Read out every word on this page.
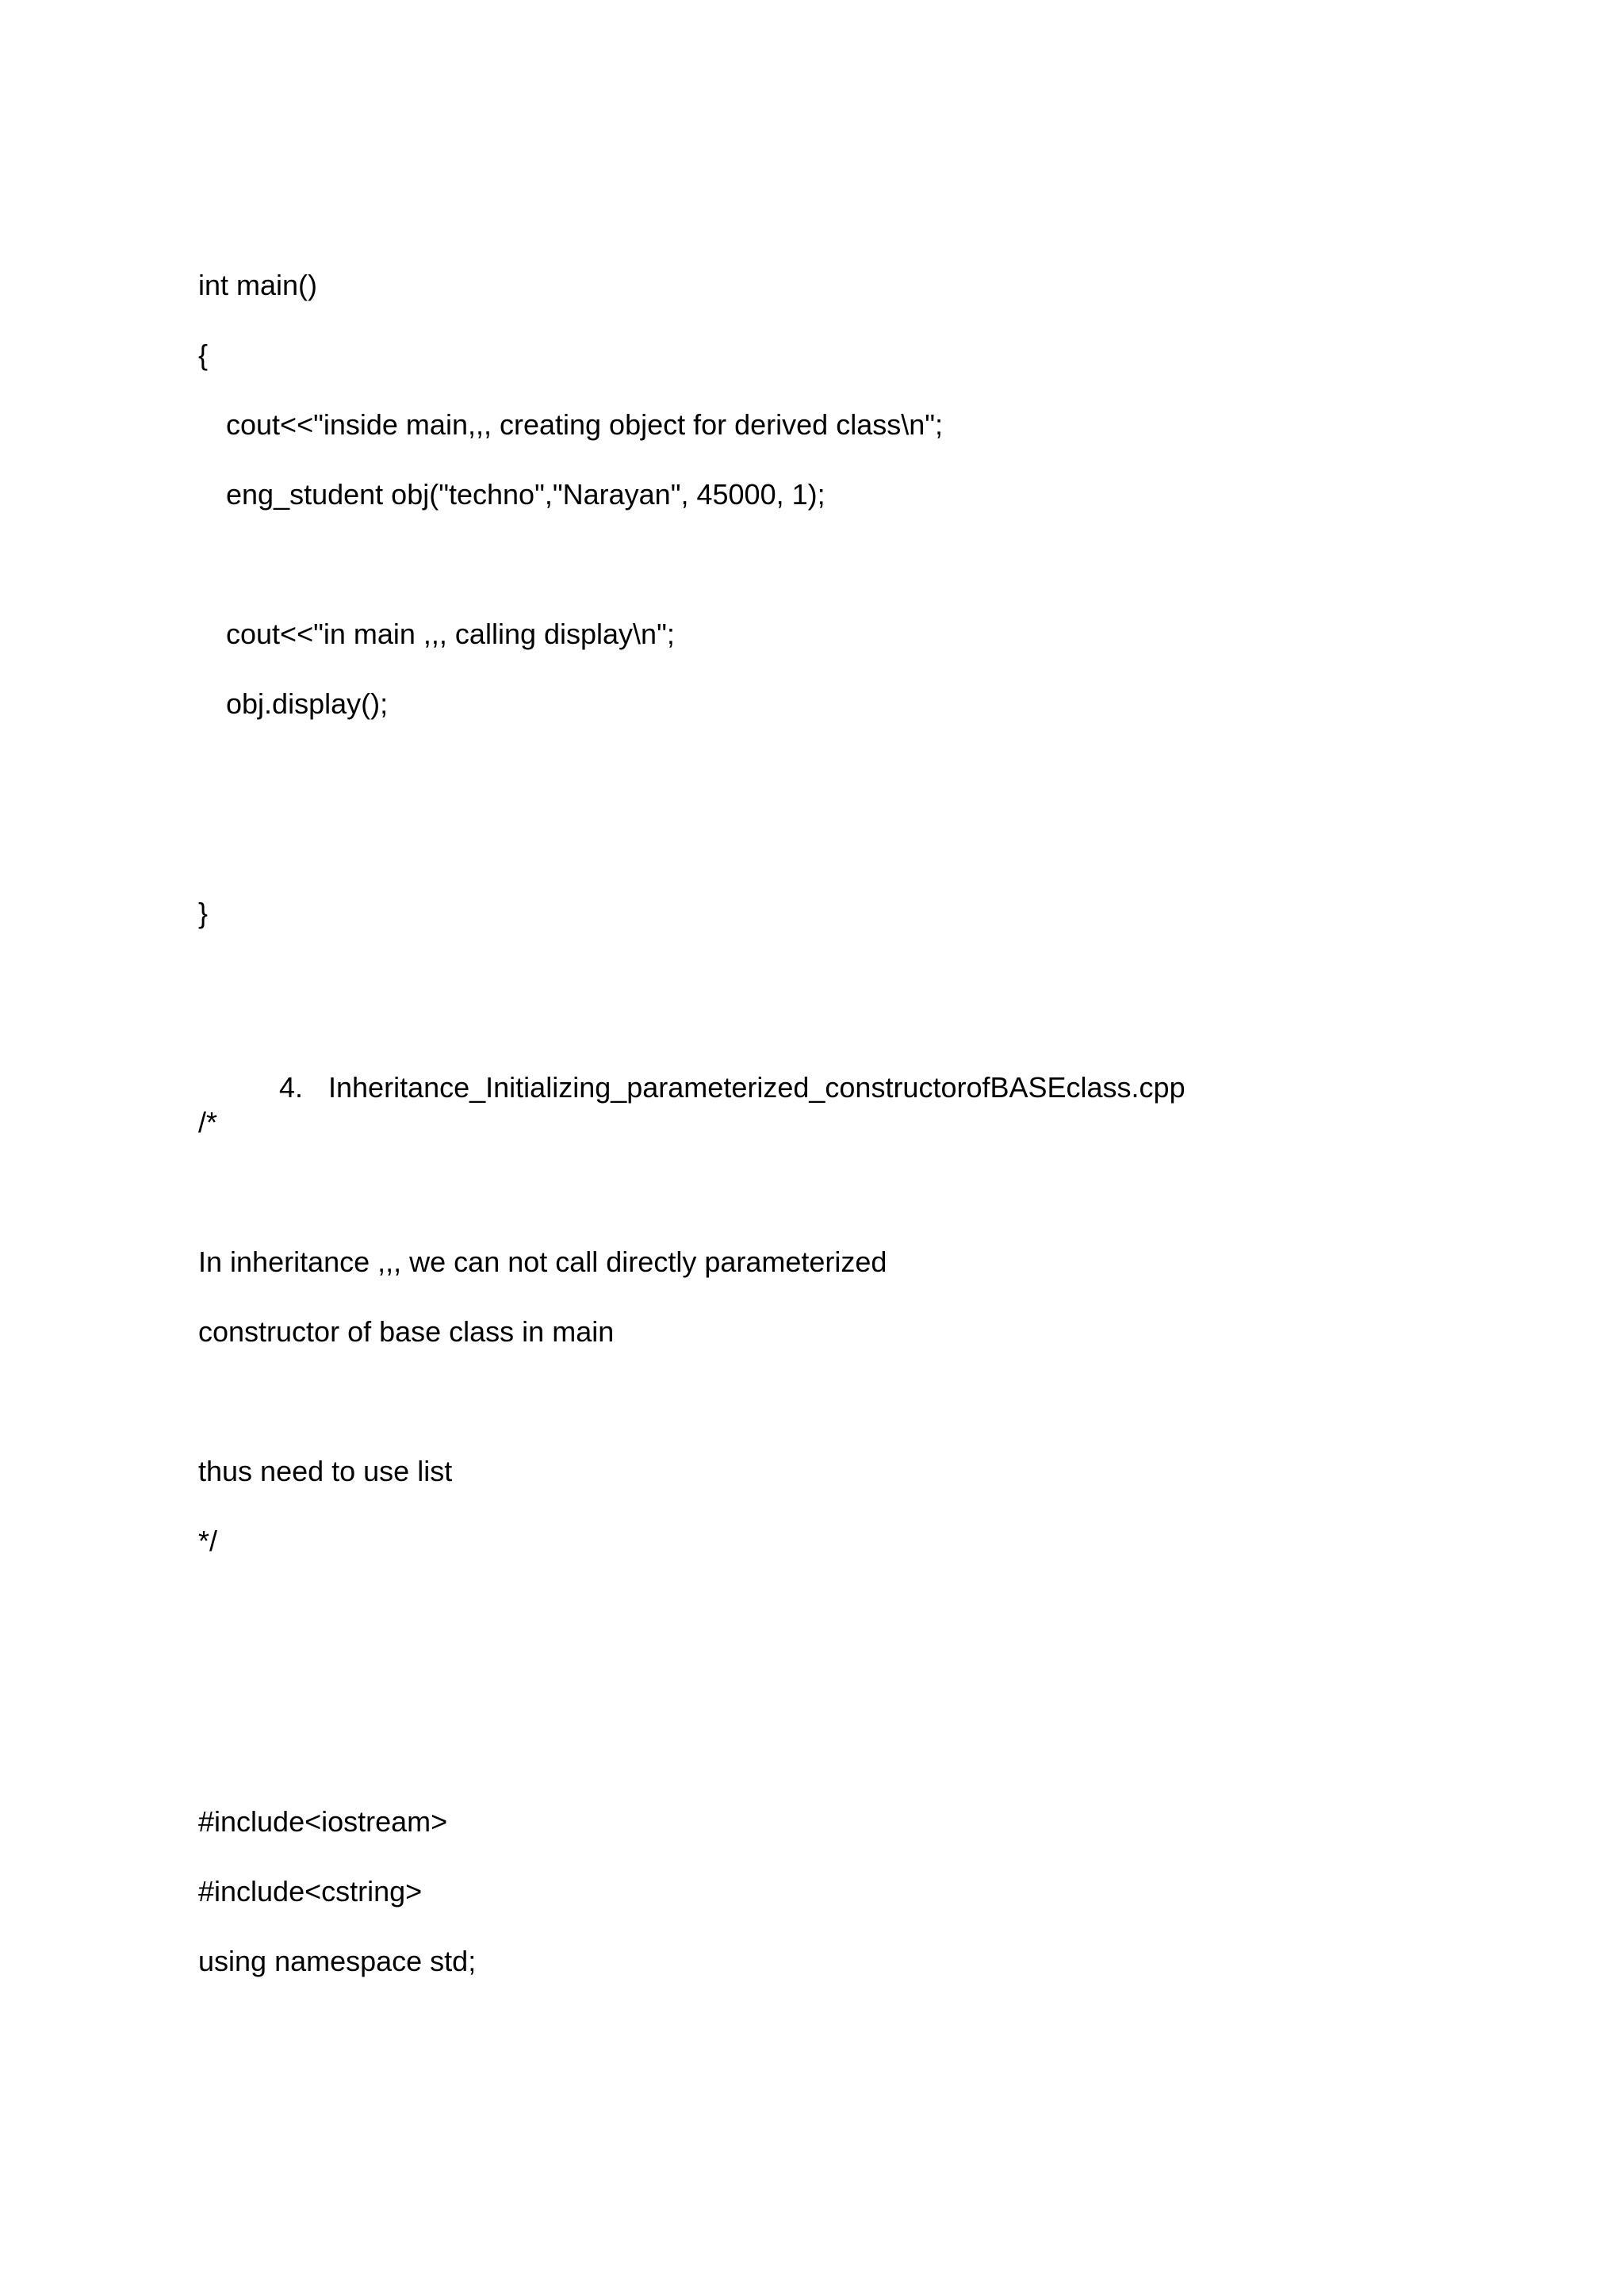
int main()
{
cout<<"inside main,,, creating object for derived class\n";
eng_student obj("techno","Narayan", 45000, 1);
cout<<"in main ,,, calling display\n";
obj.display();
}

4. Inheritance_Initializing_parameterized_constructorofBASEclass.cpp

/*
In inheritance ,,, we can not call directly parameterized
constructor of base class in main
thus need to use list
*/
#include<iostream>
#include<cstring>
using namespace std;
